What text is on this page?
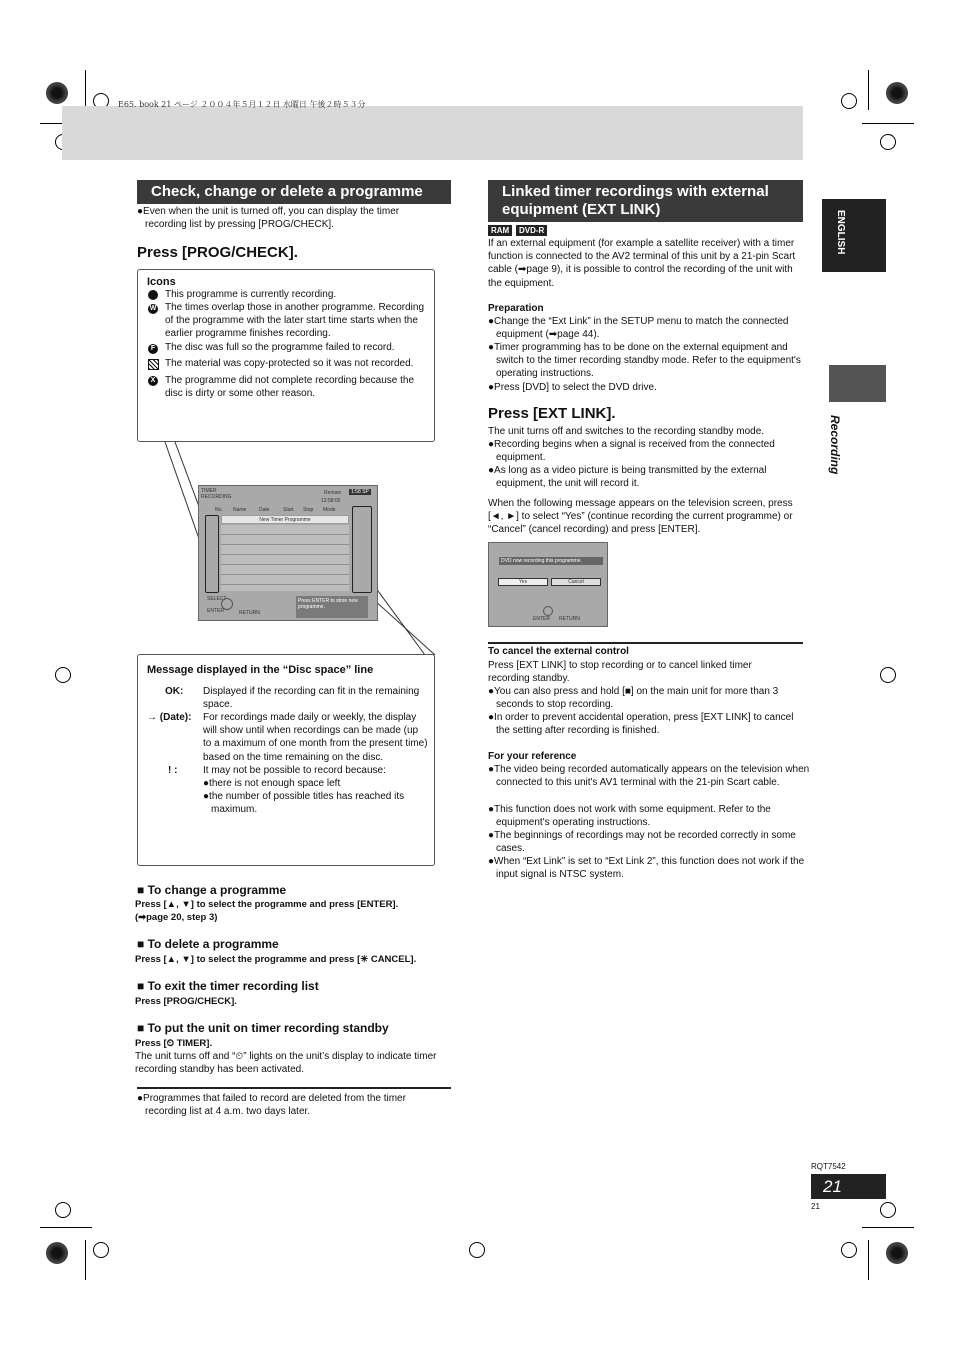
E65. book 21 ページ ２００４年５月１２日 水曜日 午後２時５３分
ENGLISH
Recording
Check, change or delete a programme
●Even when the unit is turned off, you can display the timer recording list by pressing [PROG/CHECK].
Press [PROG/CHECK].
Icons
This programme is currently recording.
W The times overlap those in another programme. Recording of the programme with the later start time starts when the earlier programme finishes recording.
F The disc was full so the programme failed to record.
The material was copy-protected so it was not recorded.
X The programme did not complete recording because the disc is dirty or some other reason.
TIMER
RECORDING
Remain	1:58 SP
12:58:00
No. Name	Date	Start Stop Mode
New Timer Programme
SELECT
ENTER	RETURN
Press ENTER to store new programme.
Message displayed in the “Disc space” line
OK: Displayed if the recording can fit in the remaining space.
→ (Date): For recordings made daily or weekly, the display will show until when recordings can be made (up to a maximum of one month from the present time) based on the time remaining on the disc.
! :	It may not be possible to record because:
●there is not enough space left
●the number of possible titles has reached its maximum.
■ To change a programme
Press [▲, ▼] to select the programme and press [ENTER].
(➡page 20, step 3)
■ To delete a programme
Press [▲, ▼] to select the programme and press [✳ CANCEL].
■ To exit the timer recording list
Press [PROG/CHECK].
■ To put the unit on timer recording standby
Press [⏲ TIMER].
The unit turns off and “⏲” lights on the unit’s display to indicate timer recording standby has been activated.
●Programmes that failed to record are deleted from the timer recording list at 4 a.m. two days later.
Linked timer recordings with external equipment (EXT LINK)
RAM	DVD-R
If an external equipment (for example a satellite receiver) with a timer function is connected to the AV2 terminal of this unit by a 21-pin Scart cable (➡page 9), it is possible to control the recording of the unit with the equipment.
Preparation
●Change the “Ext Link” in the SETUP menu to match the connected equipment (➡page 44).
●Timer programming has to be done on the external equipment and switch to the timer recording standby mode. Refer to the equipment's operating instructions.
●Press [DVD] to select the DVD drive.
Press [EXT LINK].
The unit turns off and switches to the recording standby mode.
●Recording begins when a signal is received from the connected equipment.
●As long as a video picture is being transmitted by the external equipment, the unit will record it.
When the following message appears on the television screen, press [◄, ►] to select “Yes” (continue recording the current programme) or “Cancel” (cancel recording) and press [ENTER].
DVD now recording this programme.
Yes	Cancel
ENTER RETURN
To cancel the external control
Press [EXT LINK] to stop recording or to cancel linked timer recording standby.
●You can also press and hold [■] on the main unit for more than 3 seconds to stop recording.
●In order to prevent accidental operation, press [EXT LINK] to cancel the setting after recording is finished.
For your reference
●The video being recorded automatically appears on the television when connected to this unit's AV1 terminal with the 21-pin Scart cable.
●This function does not work with some equipment. Refer to the equipment's operating instructions.
●The beginnings of recordings may not be recorded correctly in some cases.
●When “Ext Link” is set to “Ext Link 2”, this function does not work if the input signal is NTSC system.
RQT7542
21
21
